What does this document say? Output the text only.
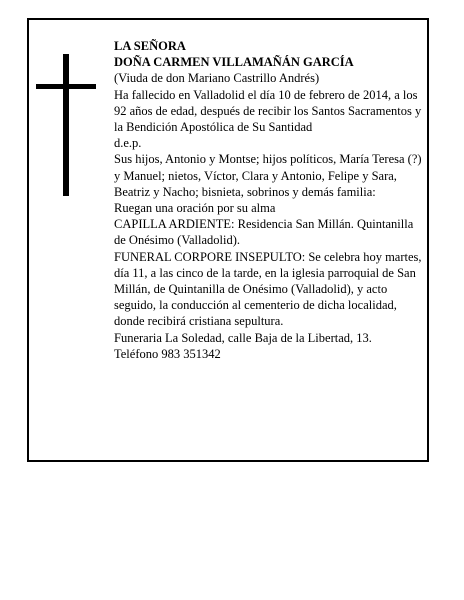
LA SEÑORA

DOÑA CARMEN VILLAMAÑÁN GARCÍA

(Viuda de don Mariano Castrillo Andrés)

Ha fallecido en Valladolid el día 10 de febrero de 2014, a los 92 años de edad, después de recibir los Santos Sacramentos y la Bendición Apostólica de Su Santidad

d.e.p.

Sus hijos, Antonio y Montse; hijos políticos, María Teresa (?) y Manuel; nietos, Víctor, Clara y Antonio, Felipe y Sara, Beatriz y Nacho; bisnieta, sobrinos y demás familia:

Ruegan una oración por su alma

CAPILLA ARDIENTE: Residencia San Millán. Quintanilla de Onésimo (Valladolid).

FUNERAL CORPORE INSEPULTO: Se celebra hoy martes, día 11, a las cinco de la tarde, en la iglesia parroquial de San Millán, de Quintanilla de Onésimo (Valladolid), y acto seguido, la conducción al cementerio de dicha localidad, donde recibirá cristiana sepultura.

Funeraria La Soledad, calle Baja de la Libertad, 13.

Teléfono 983 351342
